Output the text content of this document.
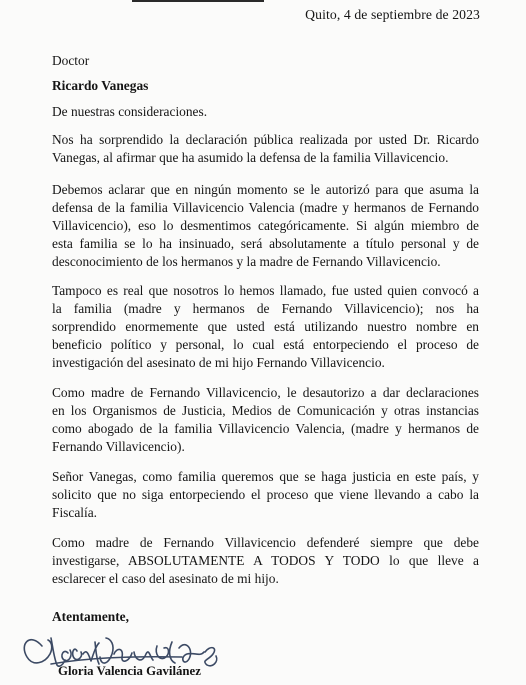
Quito, 4 de septiembre de 2023
Doctor
Ricardo Vanegas
De nuestras consideraciones.
Nos ha sorprendido la declaración pública realizada por usted Dr. Ricardo
Vanegas, al afirmar que ha asumido la defensa de la familia Villavicencio.
Debemos aclarar que en ningún momento se le autorizó para que asuma la
defensa de la familia Villavicencio Valencia (madre y hermanos de Fernando
Villavicencio), eso lo desmentimos categóricamente. Si algún miembro de
esta familia se lo ha insinuado, será absolutamente a título personal y de
desconocimiento de los hermanos y la madre de Fernando Villavicencio.
Tampoco es real que nosotros lo hemos llamado, fue usted quien convocó a
la familia (madre y hermanos de Fernando Villavicencio); nos ha
sorprendido enormemente que usted está utilizando nuestro nombre en
beneficio político y personal, lo cual está entorpeciendo el proceso de
investigación del asesinato de mi hijo Fernando Villavicencio.
Como madre de Fernando Villavicencio, le desautorizo a dar declaraciones
en los Organismos de Justicia, Medios de Comunicación y otras instancias
como abogado de la familia Villavicencio Valencia, (madre y hermanos de
Fernando Villavicencio).
Señor Vanegas, como familia queremos que se haga justicia en este país, y
solicito que no siga entorpeciendo el proceso que viene llevando a cabo la
Fiscalía.
Como madre de Fernando Villavicencio defenderé siempre que debe
investigarse, ABSOLUTAMENTE A TODOS Y TODO lo que lleve a
esclarecer el caso del asesinato de mi hijo.
Atentamente,
Gloria Valencia Gavilánez
